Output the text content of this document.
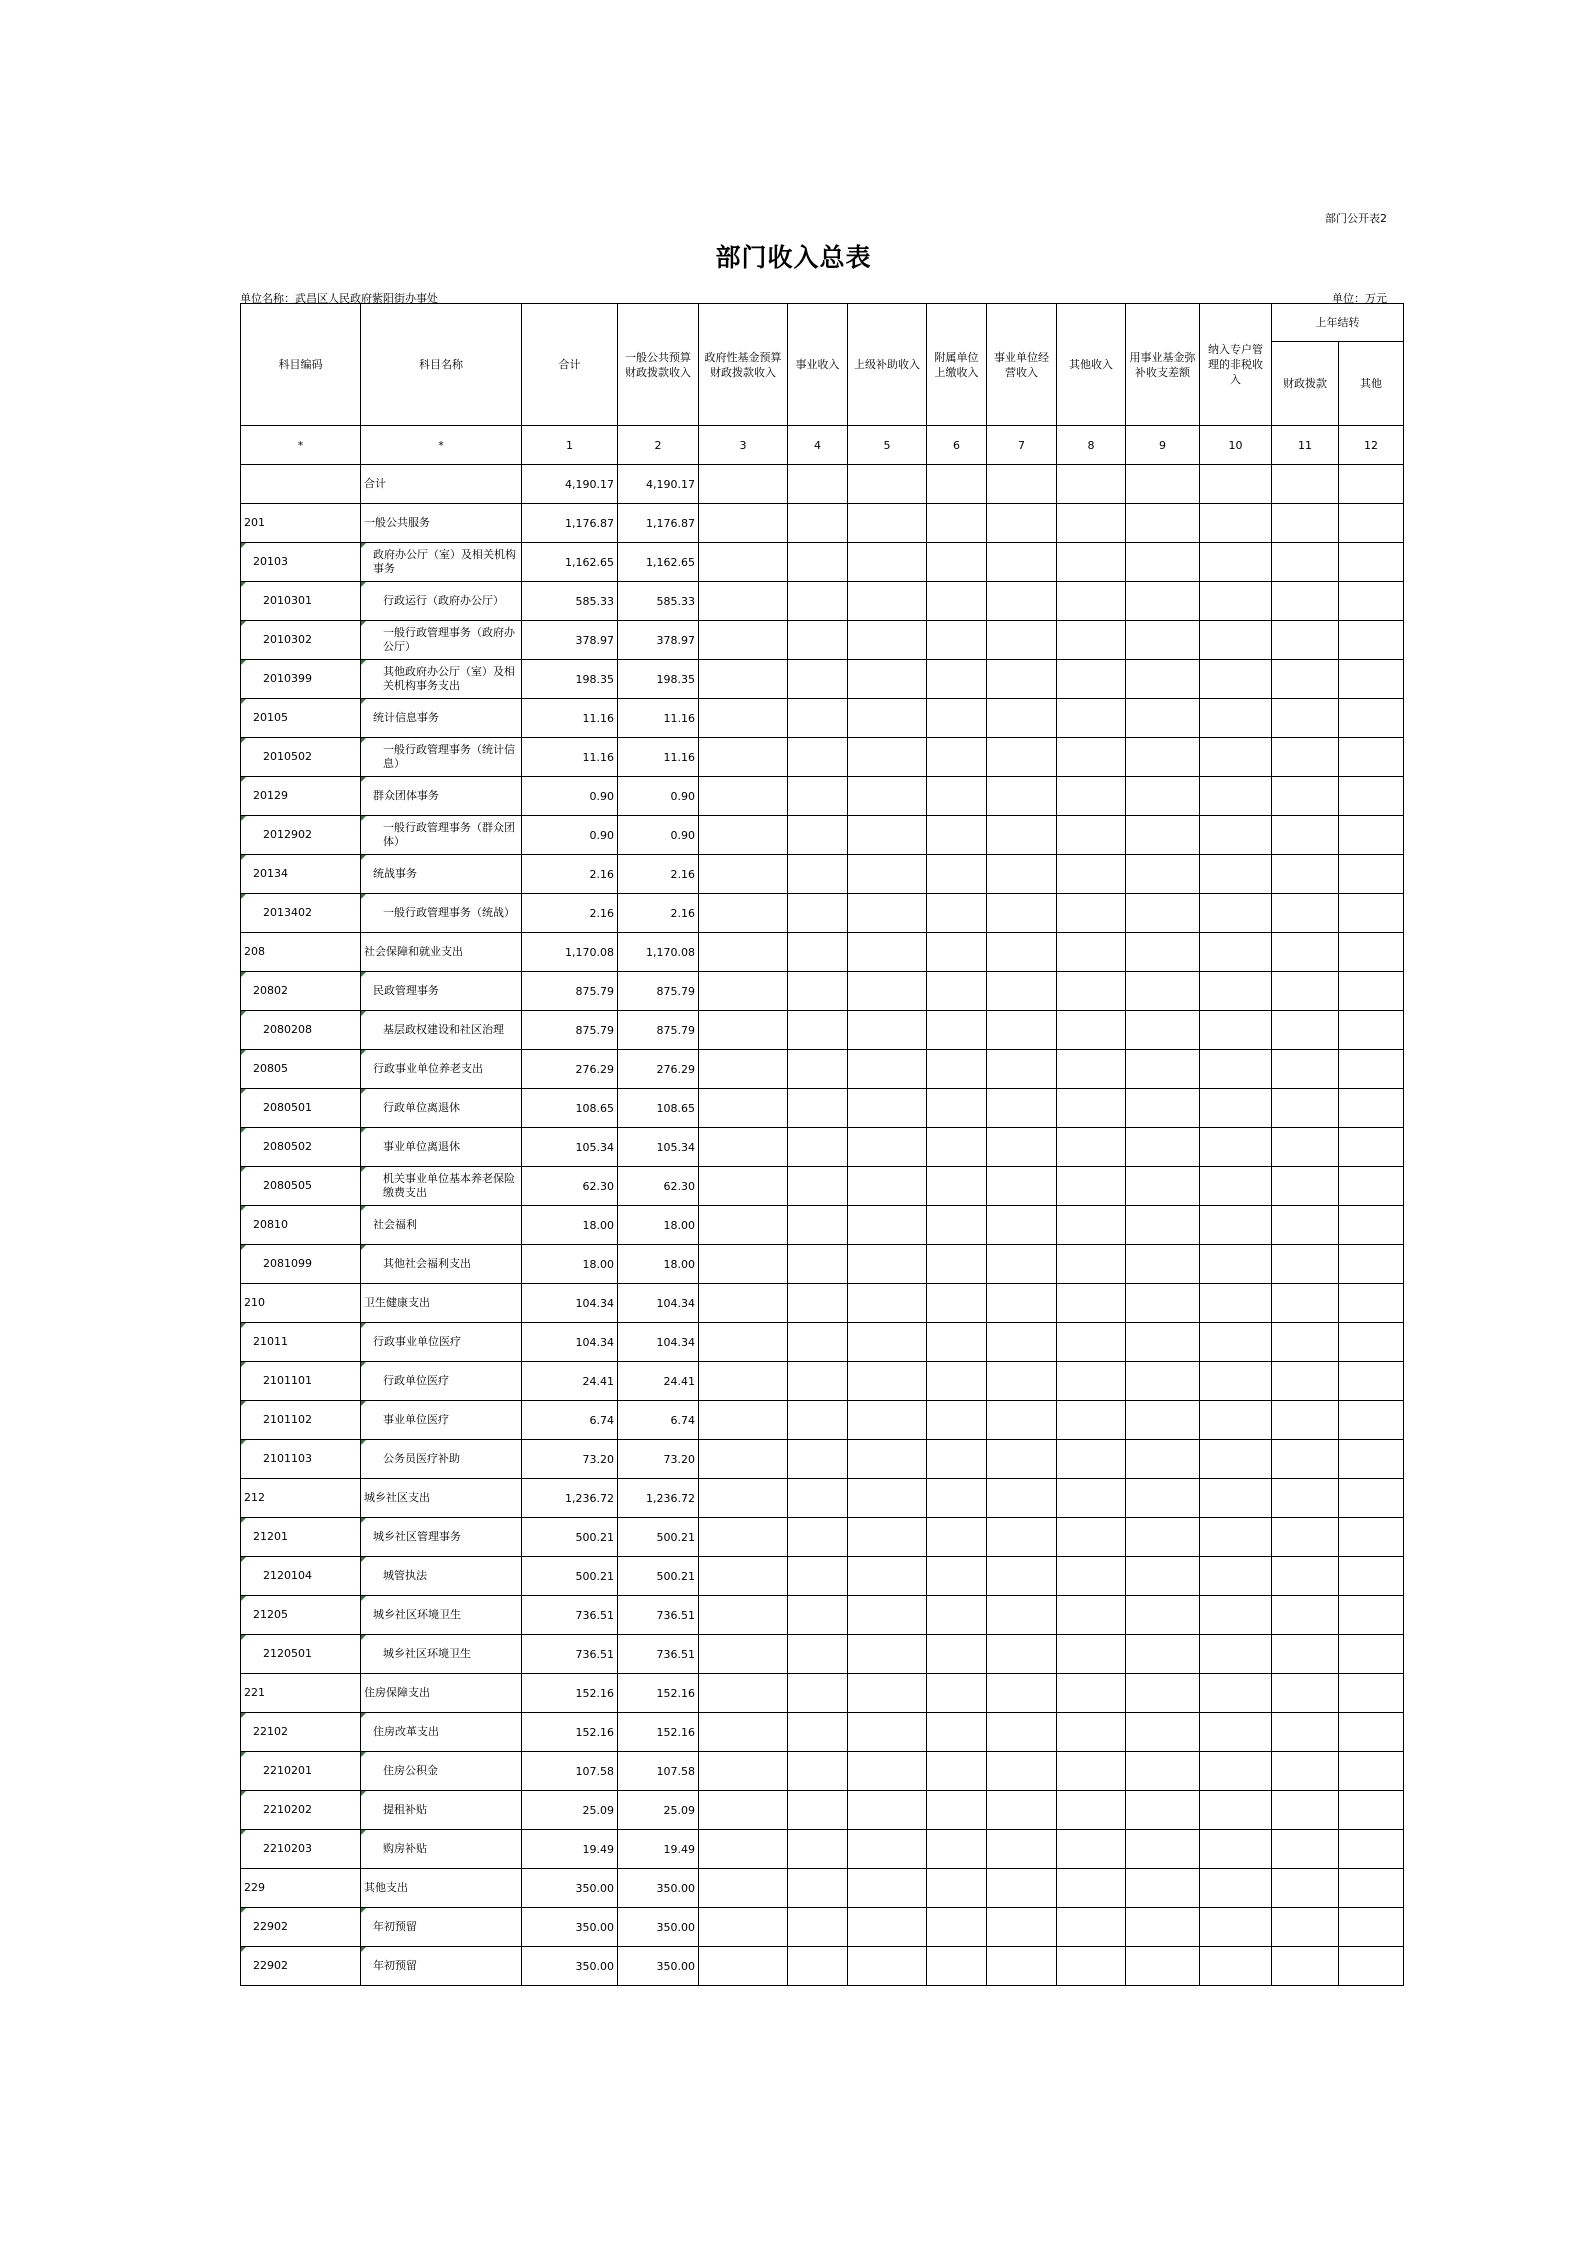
部门公开表2
部门收入总表
单位名称：武昌区人民政府紫阳街办事处	单位：万元
科目编码	科目名称	合计	一般公共预算财政拨款收入	政府性基金预算财政拨款收入	事业收入	上级补助收入	附属单位上缴收入	事业单位经营收入	其他收入	用事业基金弥补收支差额	纳入专户管理的非税收入	上年结转	
												财政拨款	其他
*	*	1	2	3	4	5	6	7	8	9	10	11	12
	合计	4,190.17	4,190.17										
201	一般公共服务	1,176.87	1,176.87										
20103	政府办公厅（室）及相关机构事务	1,162.65	1,162.65										
2010301	行政运行（政府办公厅）	585.33	585.33										
2010302	一般行政管理事务（政府办公厅）	378.97	378.97										
2010399	其他政府办公厅（室）及相关机构事务支出	198.35	198.35										
20105	统计信息事务	11.16	11.16										
2010502	一般行政管理事务（统计信息）	11.16	11.16										
20129	群众团体事务	0.90	0.90										
2012902	一般行政管理事务（群众团体）	0.90	0.90										
20134	统战事务	2.16	2.16										
2013402	一般行政管理事务（统战）	2.16	2.16										
208	社会保障和就业支出	1,170.08	1,170.08										
20802	民政管理事务	875.79	875.79										
2080208	基层政权建设和社区治理	875.79	875.79										
20805	行政事业单位养老支出	276.29	276.29										
2080501	行政单位离退休	108.65	108.65										
2080502	事业单位离退休	105.34	105.34										
2080505	机关事业单位基本养老保险缴费支出	62.30	62.30										
20810	社会福利	18.00	18.00										
2081099	其他社会福利支出	18.00	18.00										
210	卫生健康支出	104.34	104.34										
21011	行政事业单位医疗	104.34	104.34										
2101101	行政单位医疗	24.41	24.41										
2101102	事业单位医疗	6.74	6.74										
2101103	公务员医疗补助	73.20	73.20										
212	城乡社区支出	1,236.72	1,236.72										
21201	城乡社区管理事务	500.21	500.21										
2120104	城管执法	500.21	500.21										
21205	城乡社区环境卫生	736.51	736.51										
2120501	城乡社区环境卫生	736.51	736.51										
221	住房保障支出	152.16	152.16										
22102	住房改革支出	152.16	152.16										
2210201	住房公积金	107.58	107.58										
2210202	提租补贴	25.09	25.09										
2210203	购房补贴	19.49	19.49										
229	其他支出	350.00	350.00										
22902	年初预留	350.00	350.00										
22902	年初预留	350.00	350.00										
